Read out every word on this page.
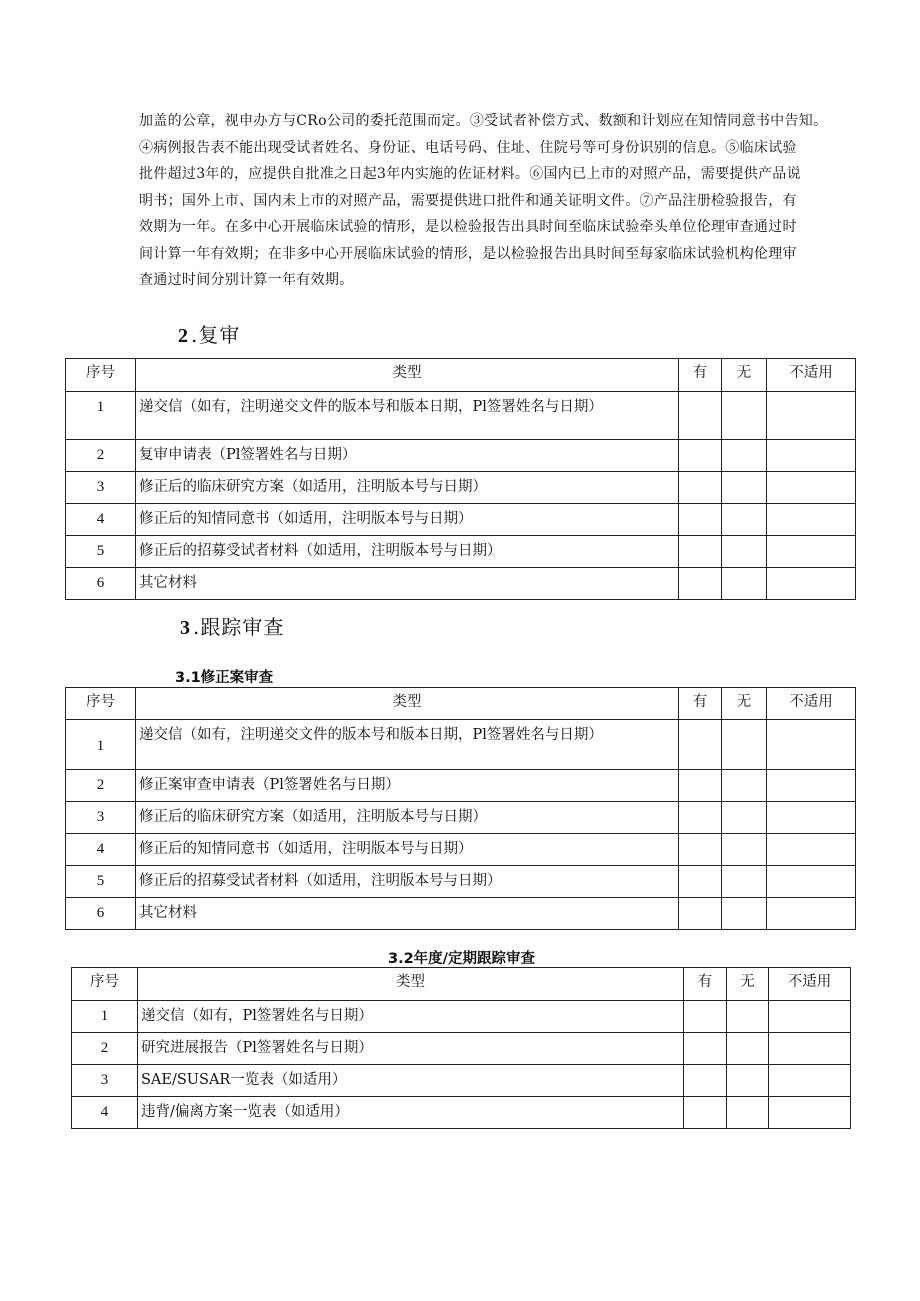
加盖的公章，视申办方与CRo公司的委托范围而定。③受试者补偿方式、数额和计划应在知情同意书中告知。

④病例报告表不能出现受试者姓名、身份证、电话号码、住址、住院号等可身份识别的信息。⑤临床试验

批件超过3年的，应提供自批准之日起3年内实施的佐证材料。⑥国内已上市的对照产品，需要提供产品说

明书；国外上市、国内未上市的对照产品，需要提供进口批件和通关证明文件。⑦产品注册检验报告，有

效期为一年。在多中心开展临床试验的情形，是以检验报告出具时间至临床试验牵头单位伦理审查通过时

间计算一年有效期；在非多中心开展临床试验的情形，是以检验报告出具时间至每家临床试验机构伦理审

查通过时间分别计算一年有效期。

2 .复审
序号	类型	有	无	不适用
1	递交信（如有，注明递交文件的版本号和版本日期，Pl签署姓名与日期）			
2	复审申请表（Pl签署姓名与日期）			
3	修正后的临床研究方案（如适用，注明版本号与日期）			
4	修正后的知情同意书（如适用，注明版本号与日期）			
5	修正后的招募受试者材料（如适用，注明版本号与日期）			
6	其它材料			
3 .跟踪审查
3.1修正案审查
序号	类型	有	无	不适用
1	递交信（如有，注明递交文件的版本号和版本日期，Pl签署姓名与日期）			
2	修正案审查申请表（Pl签署姓名与日期）			
3	修正后的临床研究方案（如适用，注明版本号与日期）			
4	修正后的知情同意书（如适用，注明版本号与日期）			
5	修正后的招募受试者材料（如适用，注明版本号与日期）			
6	其它材料			
3.2年度/定期跟踪审查
序号	类型	有	无	不适用
1	递交信（如有，Pl签署姓名与日期）			
2	研究进展报告（Pl签署姓名与日期）			
3	SAE/SUSAR一览表（如适用）			
4	违背/偏离方案一览表（如适用）			
